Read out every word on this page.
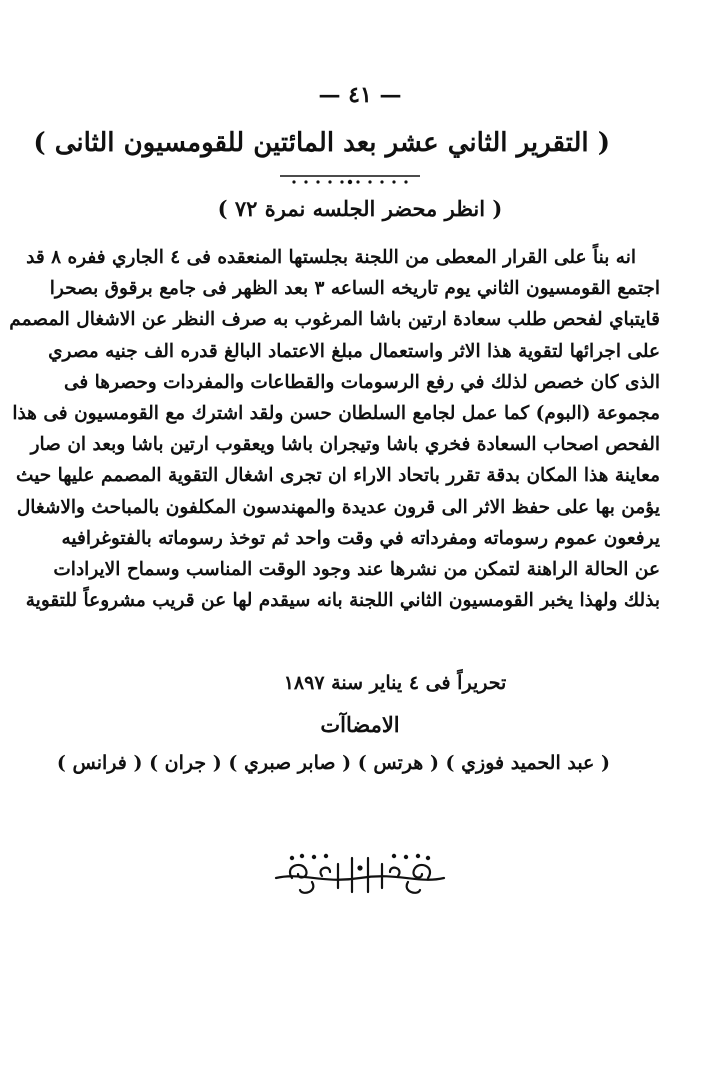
— ٤١ —
( التقرير الثاني عشر بعد المائتين للقومسيون الثانى )
( انظر محضر الجلسه نمرة ٧٢ )
انه بناً على القرار المعطى من اللجنة بجلستها المنعقده فى ٤ الجاري ففره ٨ قد
اجتمع القومسيون الثاني يوم تاريخه الساعه ٣ بعد الظهر فى جامع برقوق بصحرا
قايتباي لفحص طلب سعادة ارتين باشا المرغوب به صرف النظر عن الاشغال المصمم
على اجرائها لتقوية هذا الاثر واستعمال مبلغ الاعتماد البالغ قدره الف جنيه مصري
الذى كان خصص لذلك في رفع الرسومات والقطاعات والمفردات وحصرها فى
مجموعة (البوم) كما عمل لجامع السلطان حسن ولقد اشترك مع القومسيون فى هذا
الفحص اصحاب السعادة فخري باشا وتيجران باشا ويعقوب ارتين باشا وبعد ان صار
معاينة هذا المكان بدقة تقرر باتحاد الاراء ان تجرى اشغال التقوية المصمم عليها حيث
يؤمن بها على حفظ الاثر الى قرون عديدة والمهندسون المكلفون بالمباحث والاشغال
يرفعون عموم رسوماته ومفرداته في وقت واحد ثم توخذ رسوماته بالفتوغرافيه
عن الحالة الراهنة لتمكن من نشرها عند وجود الوقت المناسب وسماح الايرادات
بذلك ولهذا يخبر القومسيون الثاني اللجنة بانه سيقدم لها عن قريب مشروعاً للتقوية
تحريراً فى ٤ يناير سنة ١٨٩٧
الامضاآت
( عبد الحميد فوزي ) ( هرتس ) ( صابر صبري ) ( جران ) ( فرانس )
